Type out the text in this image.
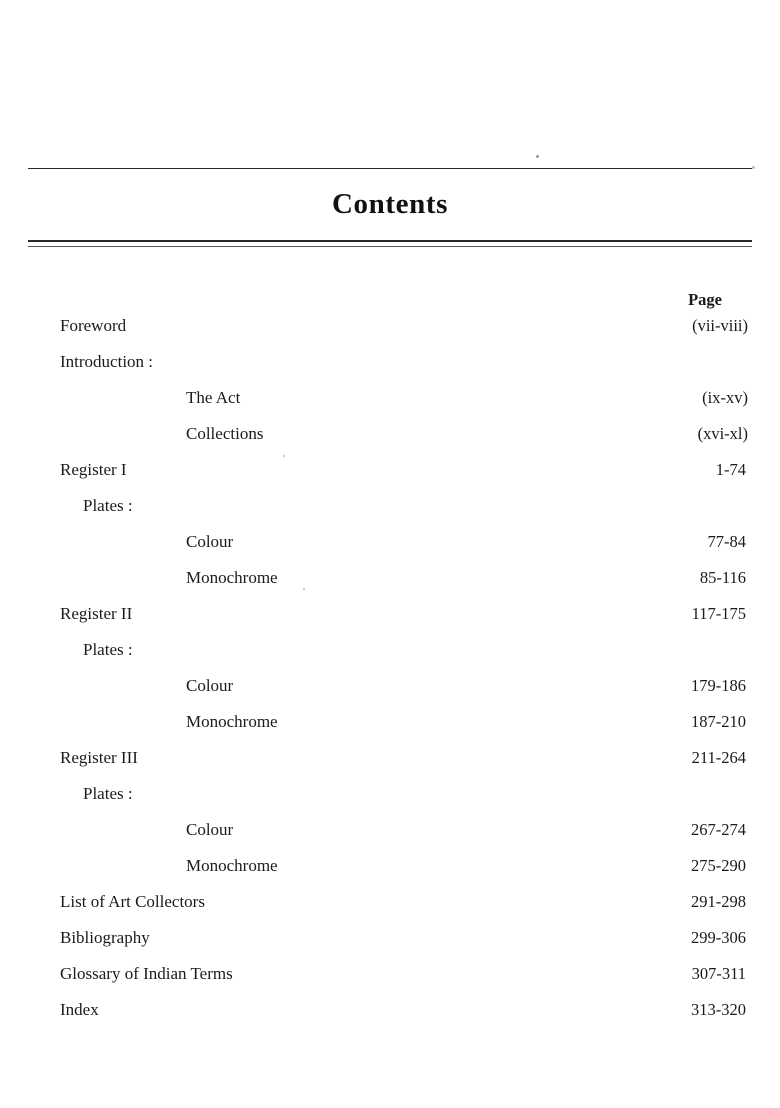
Contents
Page
Foreword	(vii-viii)
Introduction :
The Act	(ix-xv)
Collections	(xvi-xl)
Register I	1-74
Plates :
Colour	77-84
Monochrome	85-116
Register II	117-175
Plates :
Colour	179-186
Monochrome	187-210
Register III	211-264
Plates :
Colour	267-274
Monochrome	275-290
List of Art Collectors	291-298
Bibliography	299-306
Glossary of Indian Terms	307-311
Index	313-320
